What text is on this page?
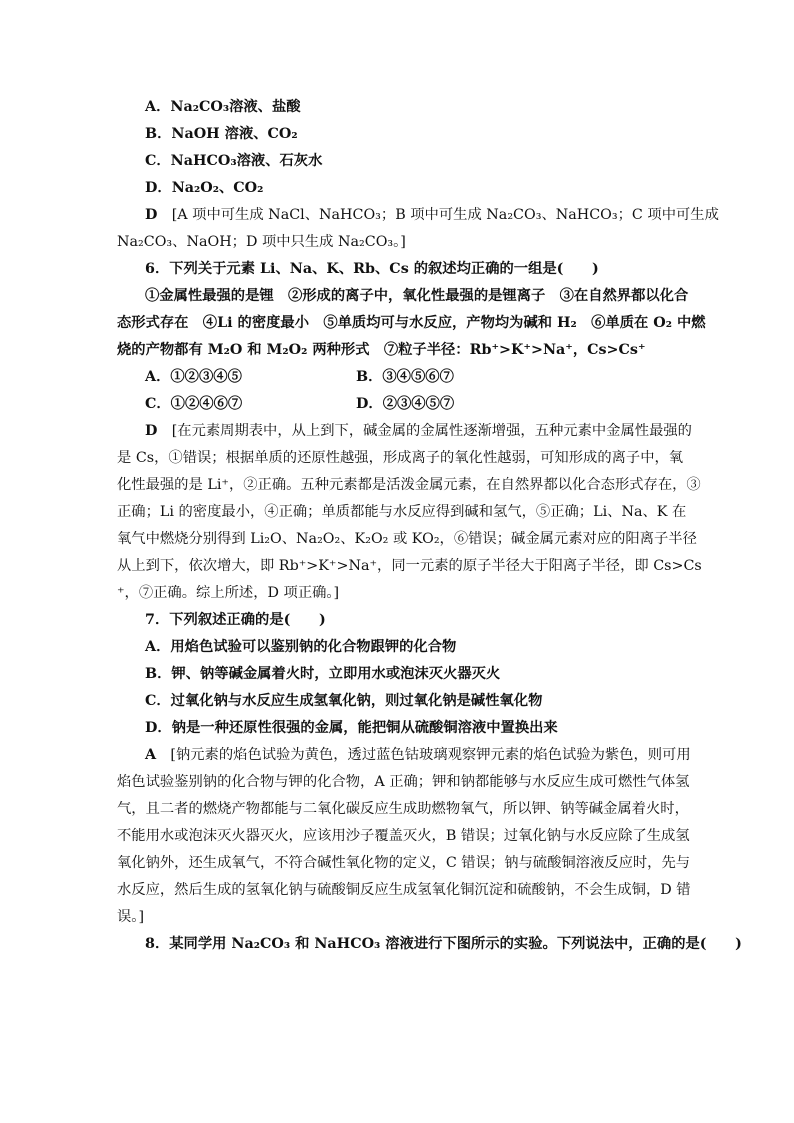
A．Na₂CO₃溶液、盐酸
B．NaOH 溶液、CO₂
C．NaHCO₃溶液、石灰水
D．Na₂O₂、CO₂
D　 [A 项中可生成 NaCl、NaHCO₃；B 项中可生成 Na₂CO₃、NaHCO₃；C 项中可生成
Na₂CO₃、NaOH；D 项中只生成 Na₂CO₃。]
6．下列关于元素 Li、Na、K、Rb、Cs 的叙述均正确的一组是(　　)
①金属性最强的是锂　②形成的离子中，氧化性最强的是锂离子　③在自然界都以化合
态形式存在　④Li 的密度最小　⑤单质均可与水反应，产物均为碱和 H₂　⑥单质在 O₂ 中燃
烧的产物都有 M₂O 和 M₂O₂ 两种形式　⑦粒子半径：Rb⁺>K⁺>Na⁺，Cs>Cs⁺
A．①②③④⑤	B．③④⑤⑥⑦
C．①②④⑥⑦	D．②③④⑤⑦
D　 [在元素周期表中，从上到下，碱金属的金属性逐渐增强，五种元素中金属性最强的
是 Cs，①错误；根据单质的还原性越强，形成离子的氧化性越弱，可知形成的离子中，氧
化性最强的是 Li⁺，②正确。五种元素都是活泼金属元素，在自然界都以化合态形式存在，③
正确；Li 的密度最小，④正确；单质都能与水反应得到碱和氢气，⑤正确；Li、Na、K 在
氧气中燃烧分别得到 Li₂O、Na₂O₂、K₂O₂ 或 KO₂，⑥错误；碱金属元素对应的阳离子半径
从上到下，依次增大，即 Rb⁺>K⁺>Na⁺，同一元素的原子半径大于阳离子半径，即 Cs>Cs
⁺，⑦正确。综上所述，D 项正确。]
7．下列叙述正确的是(　　)
A．用焰色试验可以鉴别钠的化合物跟钾的化合物
B．钾、钠等碱金属着火时，立即用水或泡沫灭火器灭火
C．过氧化钠与水反应生成氢氧化钠，则过氧化钠是碱性氧化物
D．钠是一种还原性很强的金属，能把铜从硫酸铜溶液中置换出来
A　 [钠元素的焰色试验为黄色，透过蓝色钴玻璃观察钾元素的焰色试验为紫色，则可用
焰色试验鉴别钠的化合物与钾的化合物，A 正确；钾和钠都能够与水反应生成可燃性气体氢
气，且二者的燃烧产物都能与二氧化碳反应生成助燃物氧气，所以钾、钠等碱金属着火时，
不能用水或泡沫灭火器灭火，应该用沙子覆盖灭火，B 错误；过氧化钠与水反应除了生成氢
氧化钠外，还生成氧气，不符合碱性氧化物的定义，C 错误；钠与硫酸铜溶液反应时，先与
水反应，然后生成的氢氧化钠与硫酸铜反应生成氢氧化铜沉淀和硫酸钠，不会生成铜，D 错
误。]
8．某同学用 Na₂CO₃ 和 NaHCO₃ 溶液进行下图所示的实验。下列说法中，正确的是(　　)
